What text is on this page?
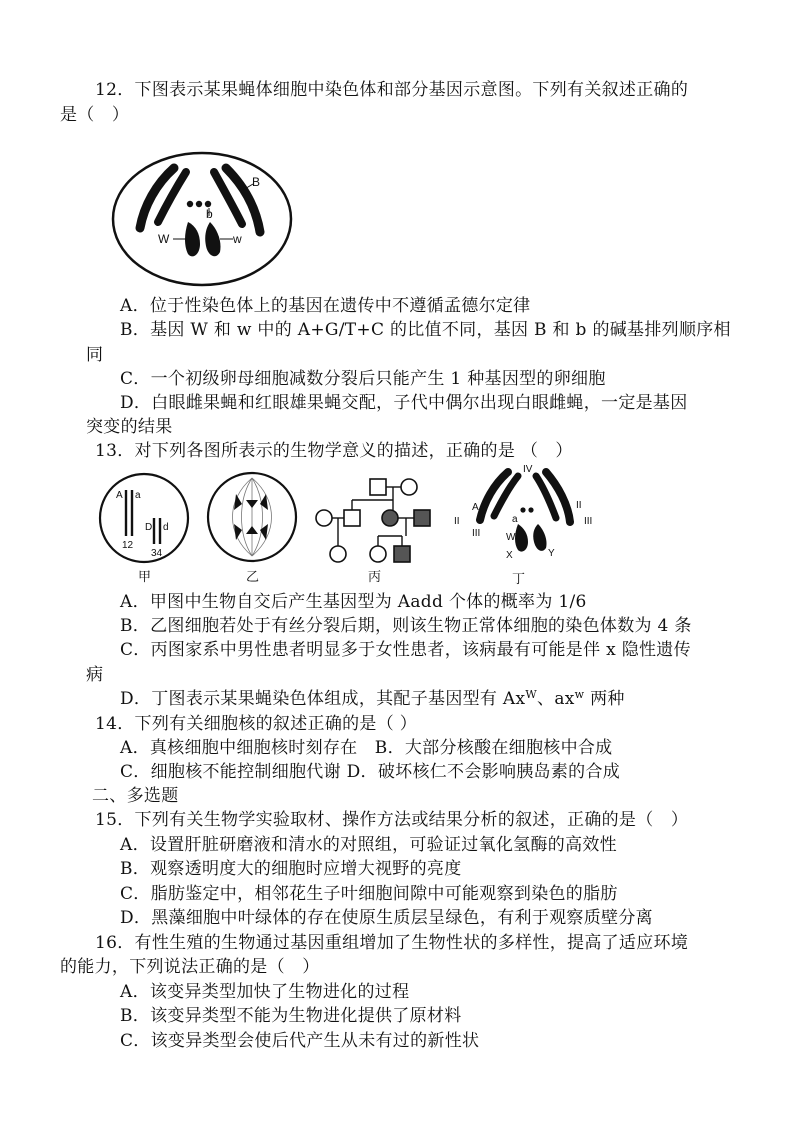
12．下图表示某果蝇体细胞中染色体和部分基因示意图。下列有关叙述正确的
是（　）
B
b
W	w
A．位于性染色体上的基因在遗传中不遵循孟德尔定律
B．基因 W 和 w 中的 A+G/T+C 的比值不同，基因 B 和 b 的碱基排列顺序相
同
C．一个初级卵母细胞减数分裂后只能产生 1 种基因型的卵细胞
D．白眼雌果蝇和红眼雄果蝇交配，子代中偶尔出现白眼雌蝇，一定是基因
突变的结果
13．对下列各图所表示的生物学意义的描述，正确的是 （　）
A a
D d
12
34
甲	乙	丙
IV
A
a
II
III
II
III
W
X	Y
丁
A．甲图中生物自交后产生基因型为 Aadd 个体的概率为 1/6
B．乙图细胞若处于有丝分裂后期，则该生物正常体细胞的染色体数为 4 条
C．丙图家系中男性患者明显多于女性患者，该病最有可能是伴 x 隐性遗传
病
D．丁图表示某果蝇染色体组成，其配子基因型有 $Ax^W$、$ax^w$ 两种
14．下列有关细胞核的叙述正确的是（ ）
A．真核细胞中细胞核时刻存在　B．大部分核酸在细胞核中合成
C．细胞核不能控制细胞代谢 D．破坏核仁不会影响胰岛素的合成
二、多选题
15．下列有关生物学实验取材、操作方法或结果分析的叙述，正确的是（　）
A．设置肝脏研磨液和清水的对照组，可验证过氧化氢酶的高效性
B．观察透明度大的细胞时应增大视野的亮度
C．脂肪鉴定中，相邻花生子叶细胞间隙中可能观察到染色的脂肪
D．黑藻细胞中叶绿体的存在使原生质层呈绿色，有利于观察质壁分离
16．有性生殖的生物通过基因重组增加了生物性状的多样性，提高了适应环境
的能力，下列说法正确的是（　）
A．该变异类型加快了生物进化的过程
B．该变异类型不能为生物进化提供了原材料
C．该变异类型会使后代产生从未有过的新性状
